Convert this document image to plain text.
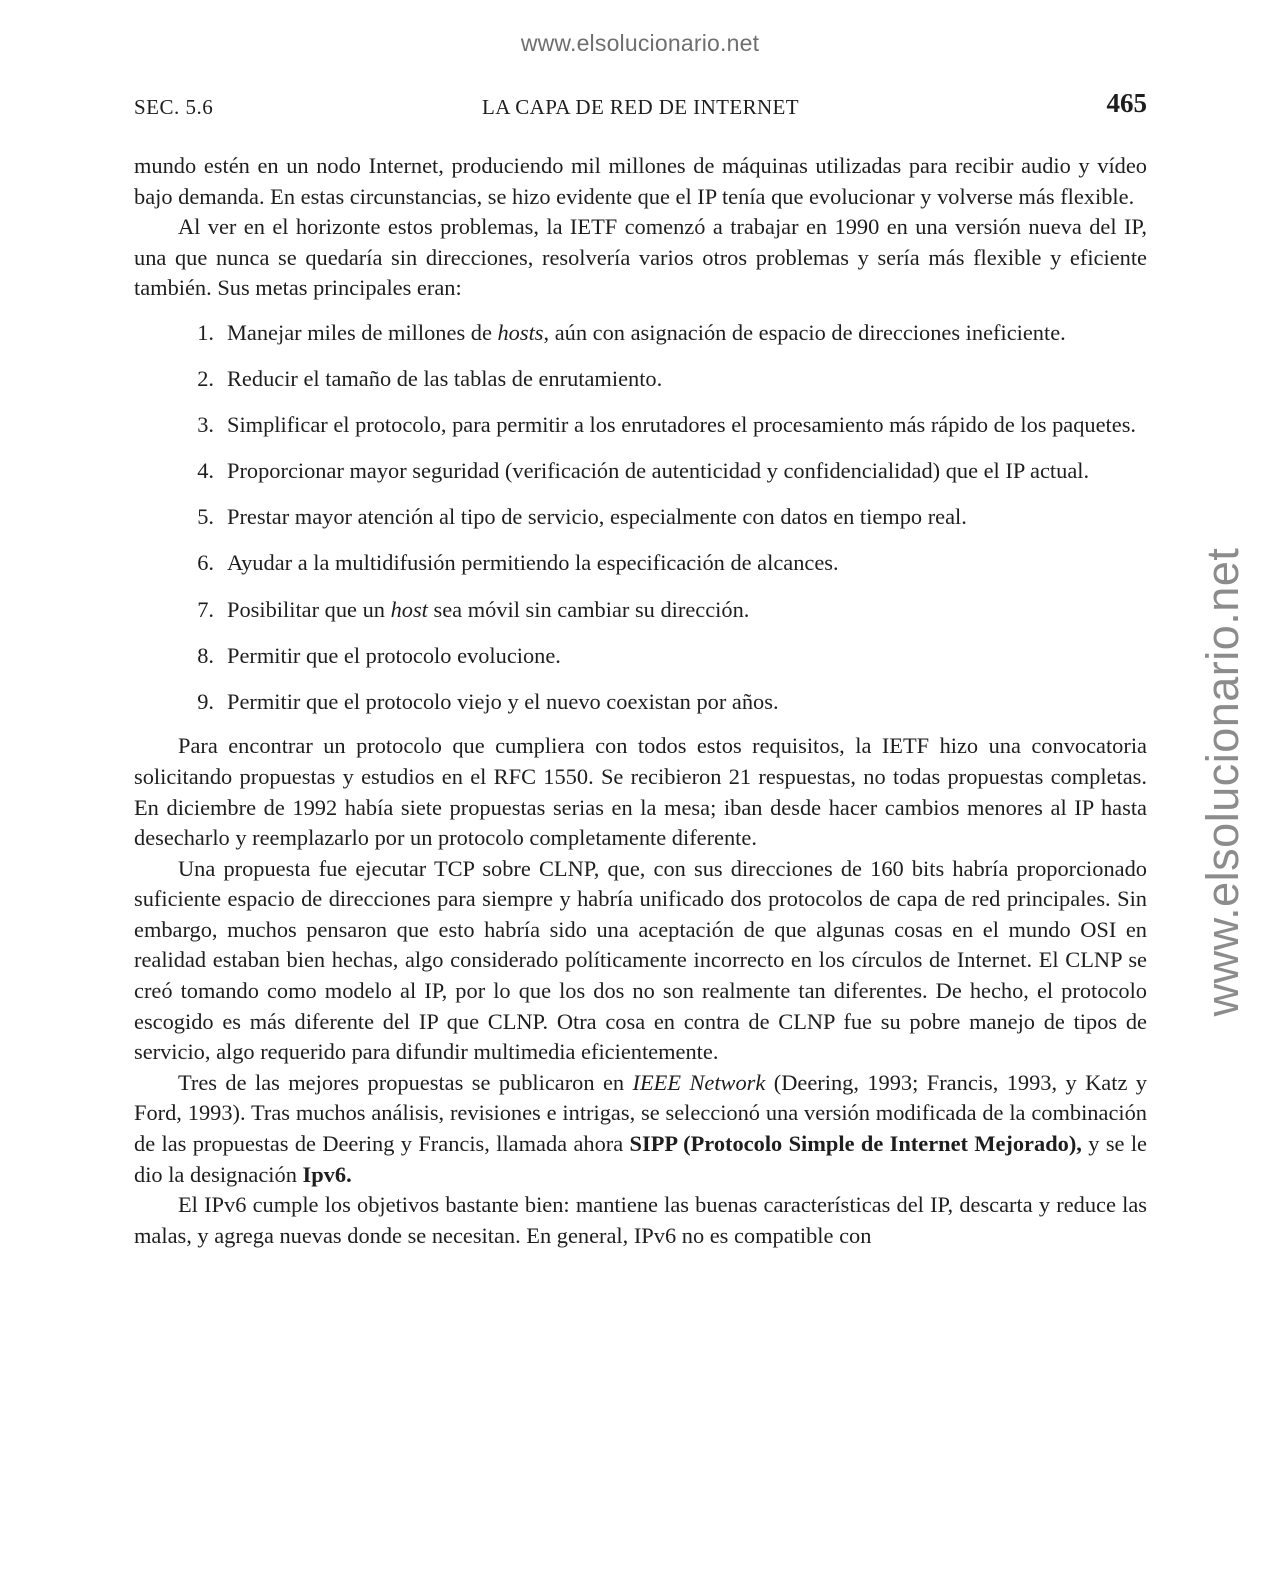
www.elsolucionario.net
www.elsolucionario.net
LA CAPA DE RED DE INTERNET
SEC. 5.6	465

mundo estén en un nodo Internet, produciendo mil millones de máquinas utilizadas para recibir audio y vídeo bajo demanda. En estas circunstancias, se hizo evidente que el IP tenía que evolucionar y volverse más flexible.

Al ver en el horizonte estos problemas, la IETF comenzó a trabajar en 1990 en una versión nueva del IP, una que nunca se quedaría sin direcciones, resolvería varios otros problemas y sería más flexible y eficiente también. Sus metas principales eran:

1. Manejar miles de millones de hosts, aún con asignación de espacio de direcciones ineficiente.
2. Reducir el tamaño de las tablas de enrutamiento.
3. Simplificar el protocolo, para permitir a los enrutadores el procesamiento más rápido de los paquetes.
4. Proporcionar mayor seguridad (verificación de autenticidad y confidencialidad) que el IP actual.
5. Prestar mayor atención al tipo de servicio, especialmente con datos en tiempo real.
6. Ayudar a la multidifusión permitiendo la especificación de alcances.
7. Posibilitar que un host sea móvil sin cambiar su dirección.
8. Permitir que el protocolo evolucione.
9. Permitir que el protocolo viejo y el nuevo coexistan por años.

Para encontrar un protocolo que cumpliera con todos estos requisitos, la IETF hizo una convocatoria solicitando propuestas y estudios en el RFC 1550. Se recibieron 21 respuestas, no todas propuestas completas. En diciembre de 1992 había siete propuestas serias en la mesa; iban desde hacer cambios menores al IP hasta desecharlo y reemplazarlo por un protocolo completamente diferente.

Una propuesta fue ejecutar TCP sobre CLNP, que, con sus direcciones de 160 bits habría proporcionado suficiente espacio de direcciones para siempre y habría unificado dos protocolos de capa de red principales. Sin embargo, muchos pensaron que esto habría sido una aceptación de que algunas cosas en el mundo OSI en realidad estaban bien hechas, algo considerado políticamente incorrecto en los círculos de Internet. El CLNP se creó tomando como modelo al IP, por lo que los dos no son realmente tan diferentes. De hecho, el protocolo escogido es más diferente del IP que CLNP. Otra cosa en contra de CLNP fue su pobre manejo de tipos de servicio, algo requerido para difundir multimedia eficientemente.

Tres de las mejores propuestas se publicaron en IEEE Network (Deering, 1993; Francis, 1993, y Katz y Ford, 1993). Tras muchos análisis, revisiones e intrigas, se seleccionó una versión modificada de la combinación de las propuestas de Deering y Francis, llamada ahora SIPP (Protocolo Simple de Internet Mejorado), y se le dio la designación Ipv6.

El IPv6 cumple los objetivos bastante bien: mantiene las buenas características del IP, descarta y reduce las malas, y agrega nuevas donde se necesitan. En general, IPv6 no es compatible con
